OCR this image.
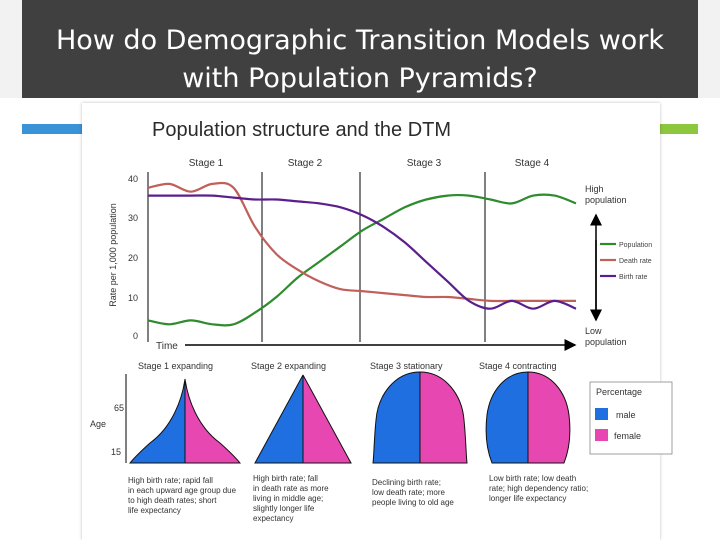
How do Demographic Transition Models work with Population Pyramids?
Population structure and the DTM
Stage 1	Stage 2	Stage 3	Stage 4
Rate per 1,000 population
40
30
20
10
0
Time
High population
Low population
Population
Death rate
Birth rate
Stage 1 expanding	Stage 2 expanding	Stage 3 stationary	Stage 4 contracting
Age
65
15
Percentage
male
female
High birth rate; rapid fall in each upward age group due to high death rates; short life expectancy
High birth rate; fall in death rate as more living in middle age; slightly longer life expectancy
Declining birth rate; low death rate; more people living to old age
Low birth rate; low death rate; high dependency ratio; longer life expectancy
